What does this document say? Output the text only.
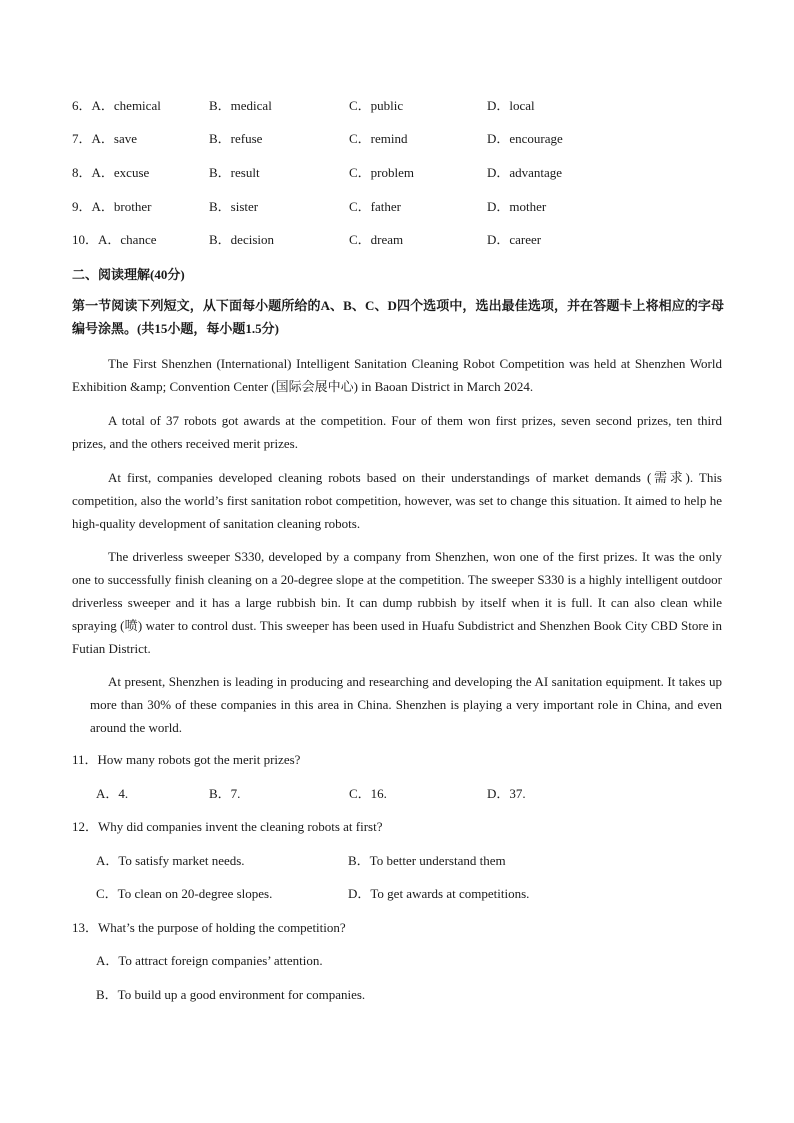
6．A．chemical	B．medical	C．public	D．local
7．A．save	B．refuse	C．remind	D．encourage
8．A．excuse	B．result	C．problem	D．advantage
9．A．brother	B．sister	C．father	D．mother
10．A．chance	B．decision	C．dream	D．career
二、阅读理解(40分)
第一节阅读下列短文，从下面每小题所给的A、B、C、D四个选项中，选出最佳选项，并在答题卡上将相应的字母编号涂黑。(共15小题，每小题1.5分)
The First Shenzhen (International) Intelligent Sanitation Cleaning Robot Competition was held at Shenzhen World Exhibition &amp; Convention Center (国际会展中心) in Baoan District in March 2024.
A total of 37 robots got awards at the competition. Four of them won first prizes, seven second prizes, ten third prizes, and the others received merit prizes.
At first, companies developed cleaning robots based on their understandings of market demands (需求). This competition, also the world’s first sanitation robot competition, however, was set to change this situation. It aimed to help he high-quality development of sanitation cleaning robots.
The driverless sweeper S330, developed by a company from Shenzhen, won one of the first prizes. It was the only one to successfully finish cleaning on a 20-degree slope at the competition. The sweeper S330 is a highly intelligent outdoor driverless sweeper and it has a large rubbish bin. It can dump rubbish by itself when it is full. It can also clean while spraying (喷) water to control dust. This sweeper has been used in Huafu Subdistrict and Shenzhen Book City CBD Store in Futian District.
At present, Shenzhen is leading in producing and researching and developing the AI sanitation equipment. It takes up more than 30% of these companies in this area in China. Shenzhen is playing a very important role in China, and even around the world.
11．How many robots got the merit prizes?
A．4.	B．7.	C．16.	D．37.
12．Why did companies invent the cleaning robots at first?
A．To satisfy market needs.	B．To better understand them
C．To clean on 20-degree slopes.	D．To get awards at competitions.
13．What’s the purpose of holding the competition?
A．To attract foreign companies’ attention.
B．To build up a good environment for companies.
